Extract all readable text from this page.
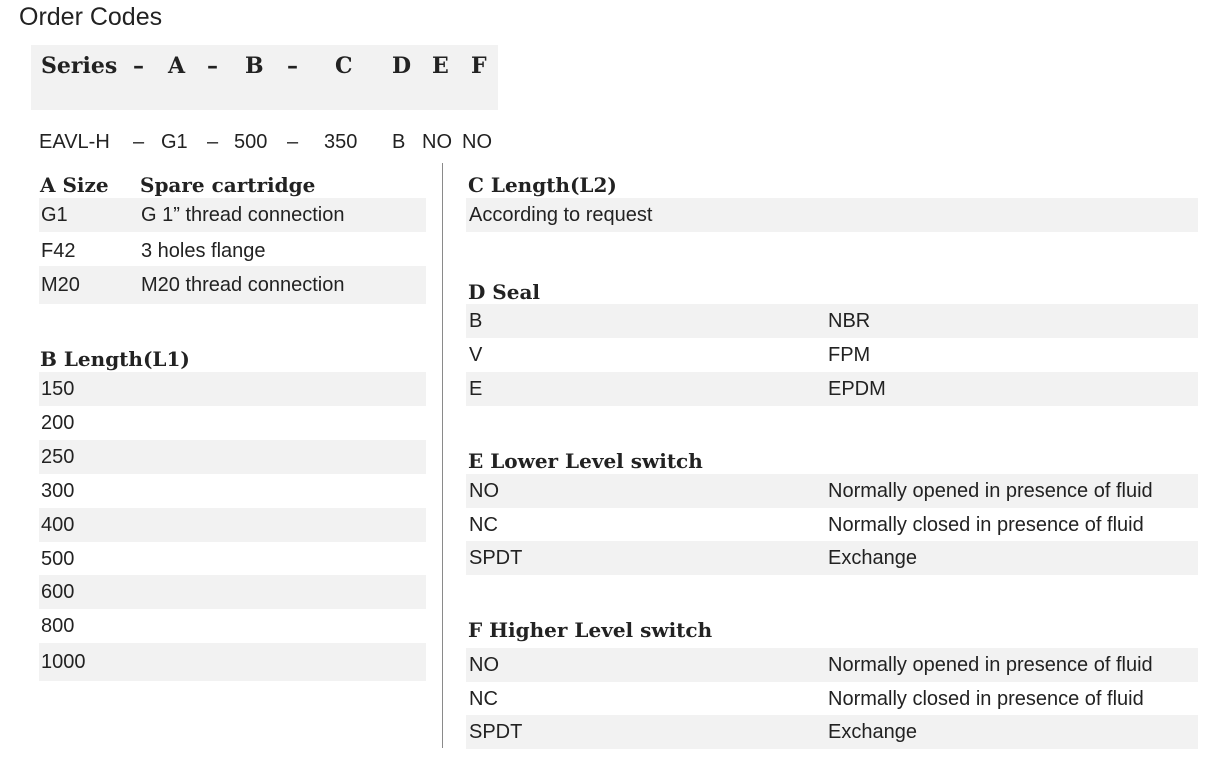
Order Codes
Series – A – B – C D E F
EAVL-H – G1 – 500 – 350 B NO NO
A Size Spare cartridge
G1	G 1” thread connection
F42	3 holes flange
M20	M20 thread connection
B Length(L1)
150
200
250
300
400
500
600
800
1000
C Length(L2)
According to request
D Seal
B	NBR
V	FPM
E	EPDM
E Lower Level switch
NO	Normally opened in presence of fluid
NC	Normally closed in presence of fluid
SPDT	Exchange
F Higher Level switch
NO	Normally opened in presence of fluid
NC	Normally closed in presence of fluid
SPDT	Exchange
